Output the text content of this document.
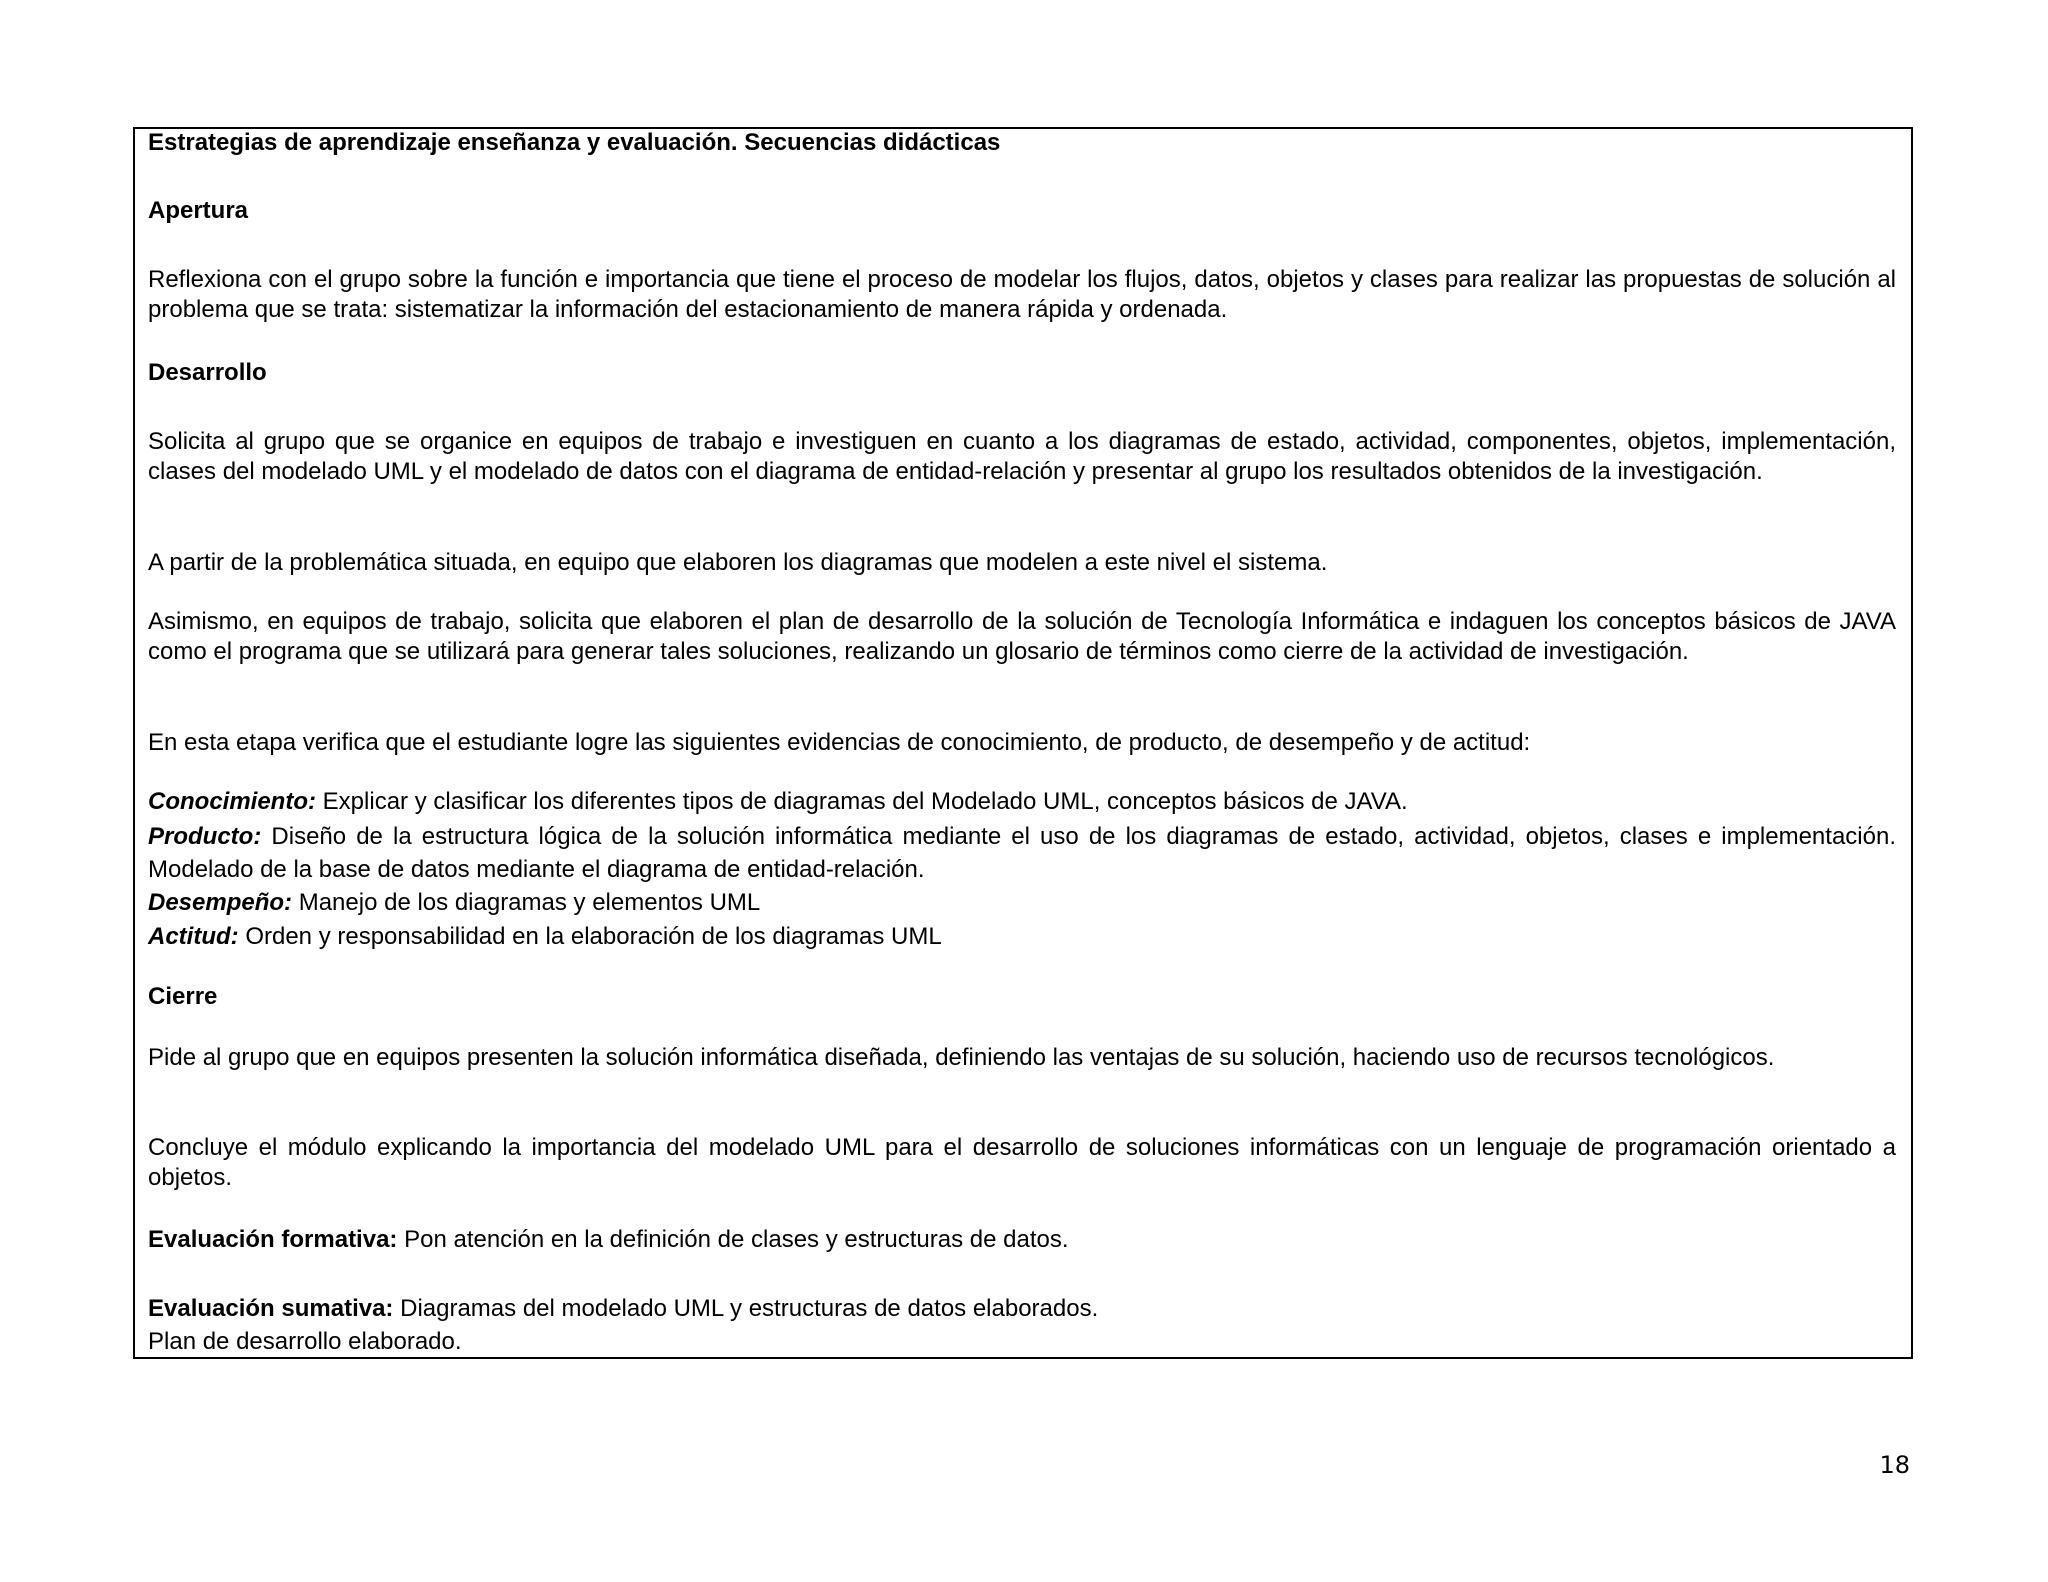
Estrategias de aprendizaje enseñanza y evaluación. Secuencias didácticas

Apertura

Reflexiona con el grupo sobre la función e importancia que tiene el proceso de modelar los flujos, datos, objetos y clases para realizar las propuestas de solución al problema que se trata: sistematizar la información del estacionamiento de manera rápida y ordenada.

Desarrollo

Solicita al grupo que se organice en equipos de trabajo e investiguen en cuanto a los diagramas de estado, actividad, componentes, objetos, implementación, clases del modelado UML y el modelado de datos con el diagrama de entidad-relación y presentar al grupo los resultados obtenidos de la investigación.

A partir de la problemática situada, en equipo que elaboren los diagramas que modelen a este nivel el sistema.

Asimismo, en equipos de trabajo, solicita que elaboren el plan de desarrollo de la solución de Tecnología Informática e indaguen los conceptos básicos de JAVA como el programa que se utilizará para generar tales soluciones, realizando un glosario de términos como cierre de la actividad de investigación.

En esta etapa verifica que el estudiante logre las siguientes evidencias de conocimiento, de producto, de desempeño y de actitud:

Conocimiento: Explicar y clasificar los diferentes tipos de diagramas del Modelado UML, conceptos básicos de JAVA.

Producto: Diseño de la estructura lógica de la solución informática mediante el uso de los diagramas de estado, actividad, objetos, clases e implementación. Modelado de la base de datos mediante el diagrama de entidad-relación.

Desempeño: Manejo de los diagramas y elementos UML

Actitud: Orden y responsabilidad en la elaboración de los diagramas UML

Cierre

Pide al grupo que en equipos presenten la solución informática diseñada, definiendo las ventajas de su solución, haciendo uso de recursos tecnológicos.

Concluye el módulo explicando la importancia del modelado UML para el desarrollo de soluciones informáticas con un lenguaje de programación orientado a objetos.

Evaluación formativa: Pon atención en la definición de clases y estructuras de datos.

Evaluación sumativa: Diagramas del modelado UML y estructuras de datos elaborados.

Plan de desarrollo elaborado.

18
